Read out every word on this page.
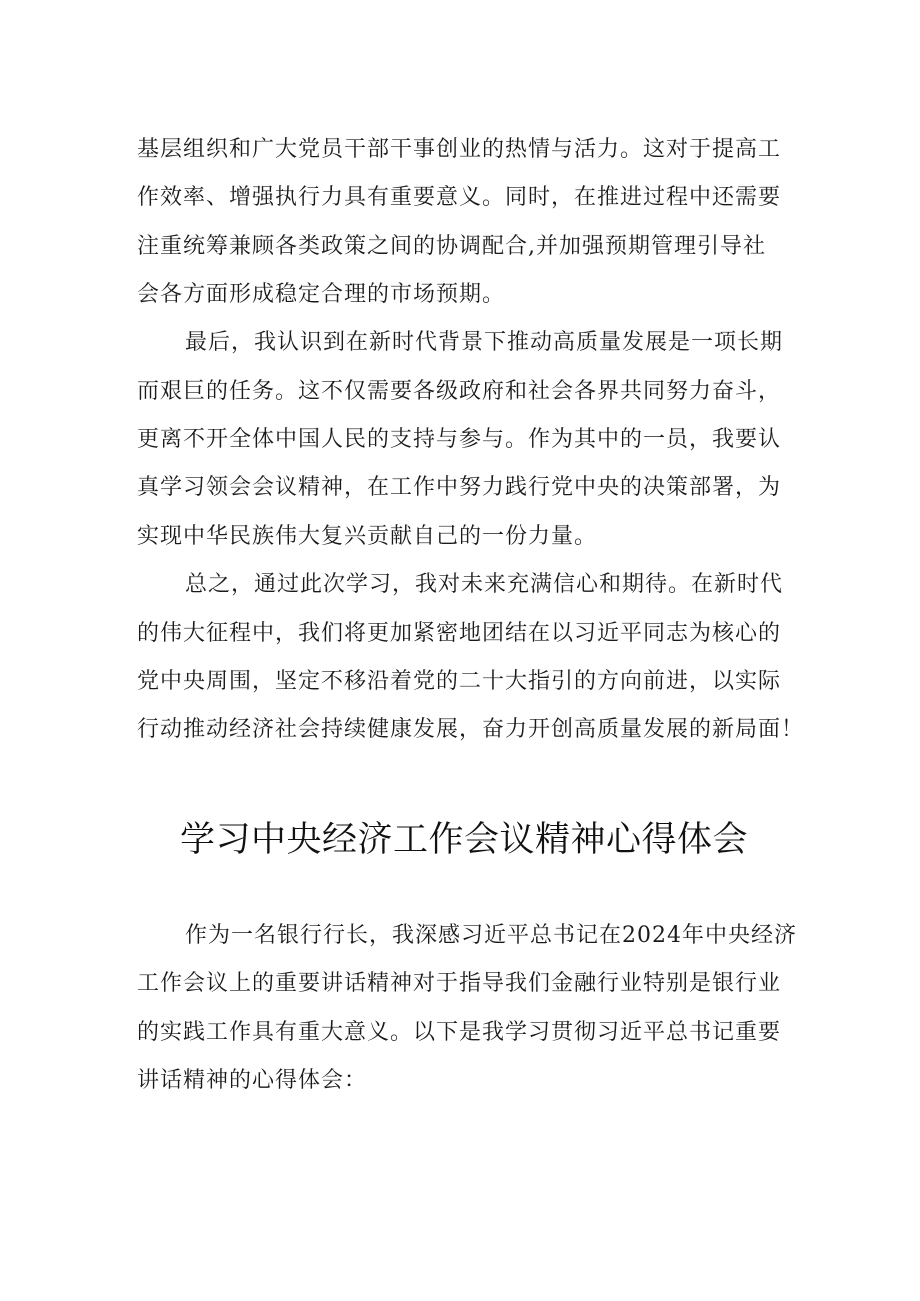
基层组织和广大党员干部干事创业的热情与活力。这对于提高工
作效率、增强执行力具有重要意义。同时，在推进过程中还需要
注重统筹兼顾各类政策之间的协调配合,并加强预期管理引导社
会各方面形成稳定合理的市场预期。
最后，我认识到在新时代背景下推动高质量发展是一项长期
而艰巨的任务。这不仅需要各级政府和社会各界共同努力奋斗，
更离不开全体中国人民的支持与参与。作为其中的一员，我要认
真学习领会会议精神，在工作中努力践行党中央的决策部署，为
实现中华民族伟大复兴贡献自己的一份力量。
总之，通过此次学习，我对未来充满信心和期待。在新时代
的伟大征程中，我们将更加紧密地团结在以习近平同志为核心的
党中央周围，坚定不移沿着党的二十大指引的方向前进，以实际
行动推动经济社会持续健康发展，奋力开创高质量发展的新局面！
学习中央经济工作会议精神心得体会
作为一名银行行长，我深感习近平总书记在2024年中央经济
工作会议上的重要讲话精神对于指导我们金融行业特别是银行业
的实践工作具有重大意义。以下是我学习贯彻习近平总书记重要
讲话精神的心得体会：
